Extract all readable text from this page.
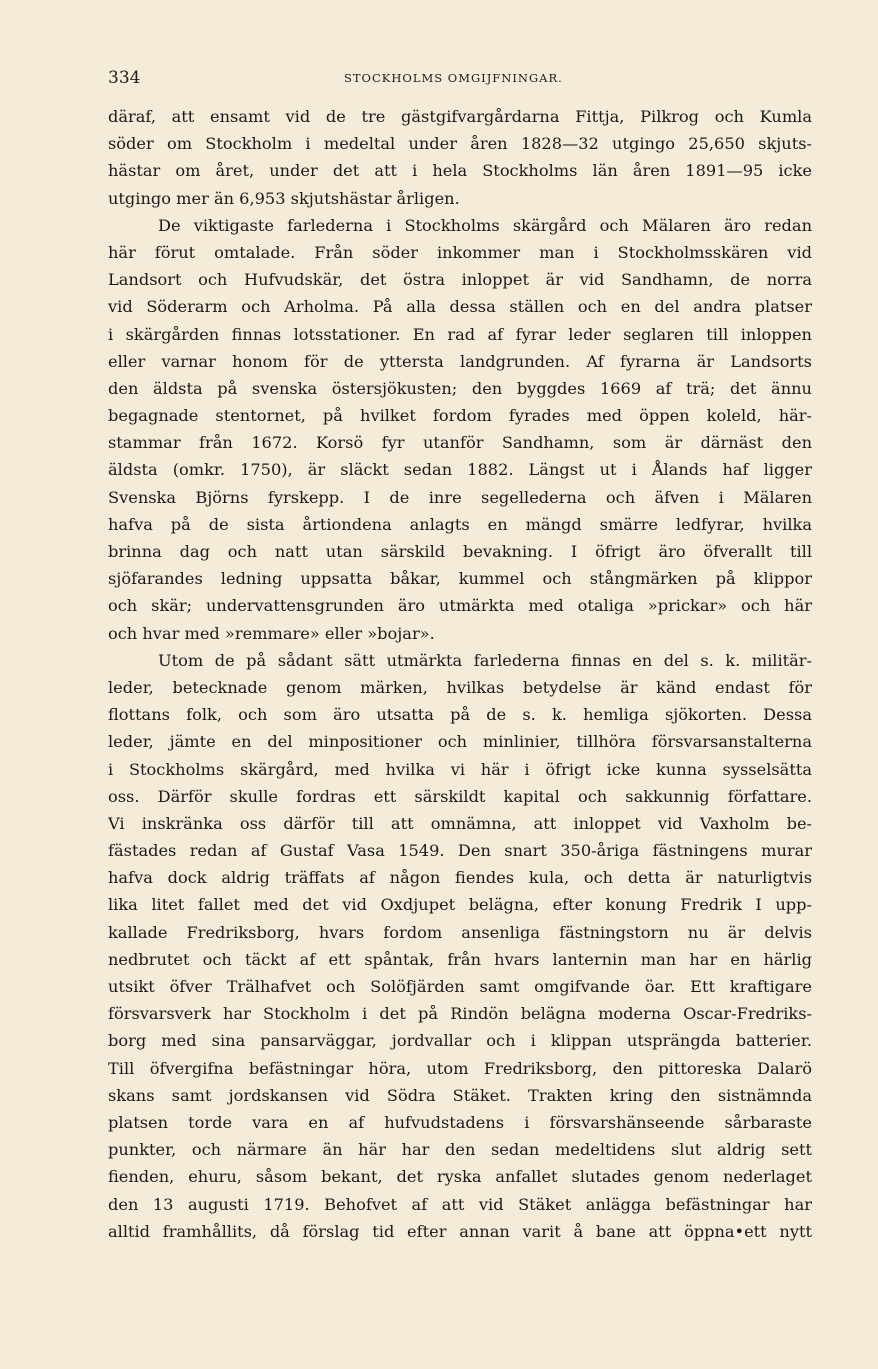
334	STOCKHOLMS OMGIJFNINGAR.
däraf, att ensamt vid de tre gästgifvargårdarna Fittja, Pilkrog och Kumla
söder om Stockholm i medeltal under åren 1828—32 utgingo 25,650 skjuts-
hästar om året, under det att i hela Stockholms län åren 1891—95 icke
utgingo mer än 6,953 skjutshästar årligen.
De viktigaste farlederna i Stockholms skärgård och Mälaren äro redan
här förut omtalade. Från söder inkommer man i Stockholmsskären vid
Landsort och Hufvudskär, det östra inloppet är vid Sandhamn, de norra
vid Söderarm och Arholma. På alla dessa ställen och en del andra platser
i skärgården finnas lotsstationer. En rad af fyrar leder seglaren till inloppen
eller varnar honom för de yttersta landgrunden. Af fyrarna är Landsorts
den äldsta på svenska östersjökusten; den byggdes 1669 af trä; det ännu
begagnade stentornet, på hvilket fordom fyrades med öppen koleld, här-
stammar från 1672. Korsö fyr utanför Sandhamn, som är därnäst den
äldsta (omkr. 1750), är släckt sedan 1882. Längst ut i Ålands haf ligger
Svenska Björns fyrskepp. I de inre segellederna och äfven i Mälaren
hafva på de sista årtiondena anlagts en mängd smärre ledfyrar, hvilka
brinna dag och natt utan särskild bevakning. I öfrigt äro öfverallt till
sjöfarandes ledning uppsatta båkar, kummel och stångmärken på klippor
och skär; undervattensgrunden äro utmärkta med otaliga »prickar» och här
och hvar med »remmare» eller »bojar».
Utom de på sådant sätt utmärkta farlederna finnas en del s. k. militär-
leder, betecknade genom märken, hvilkas betydelse är känd endast för
flottans folk, och som äro utsatta på de s. k. hemliga sjökorten. Dessa
leder, jämte en del minpositioner och minlinier, tillhöra försvarsanstalterna
i Stockholms skärgård, med hvilka vi här i öfrigt icke kunna sysselsätta
oss. Därför skulle fordras ett särskildt kapital och sakkunnig författare.
Vi inskränka oss därför till att omnämna, att inloppet vid Vaxholm be-
fästades redan af Gustaf Vasa 1549. Den snart 350-åriga fästningens murar
hafva dock aldrig träffats af någon fiendes kula, och detta är naturligtvis
lika litet fallet med det vid Oxdjupet belägna, efter konung Fredrik I upp-
kallade Fredriksborg, hvars fordom ansenliga fästningstorn nu är delvis
nedbrutet och täckt af ett spåntak, från hvars lanternin man har en härlig
utsikt öfver Trälhafvet och Solöfjärden samt omgifvande öar. Ett kraftigare
försvarsverk har Stockholm i det på Rindön belägna moderna Oscar-Fredriks-
borg med sina pansarväggar, jordvallar och i klippan utsprängda batterier.
Till öfvergifna befästningar höra, utom Fredriksborg, den pittoreska Dalarö
skans samt jordskansen vid Södra Stäket. Trakten kring den sistnämnda
platsen torde vara en af hufvudstadens i försvarshänseende sårbaraste
punkter, och närmare än här har den sedan medeltidens slut aldrig sett
fienden, ehuru, såsom bekant, det ryska anfallet slutades genom nederlaget
den 13 augusti 1719. Behofvet af att vid Stäket anlägga befästningar har
alltid framhållits, då förslag tid efter annan varit å bane att öppna•ett nytt
